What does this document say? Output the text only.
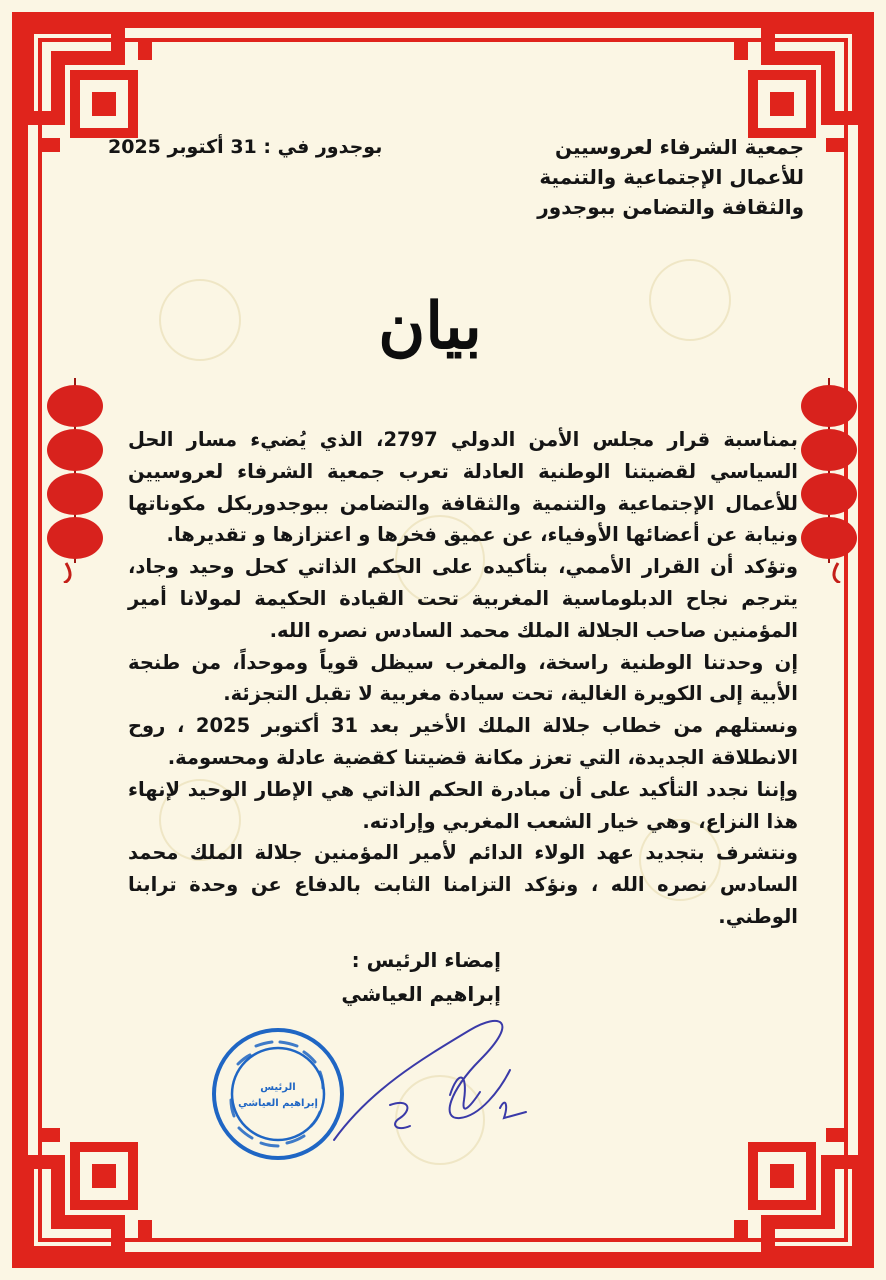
جمعية الشرفاء لعروسيين
للأعمال الإجتماعية والتنمية
والثقافة والتضامن ببوجدور
بوجدور في : 31 أكتوبر 2025
بيان

بمناسبة قرار مجلس الأمن الدولي 2797، الذي يُضيء مسار الحل السياسي لقضيتنا الوطنية العادلة تعرب جمعية الشرفاء لعروسيين للأعمال الإجتماعية والتنمية والثقافة والتضامن ببوجدوربكل مكوناتها ونيابة عن أعضائها الأوفياء، عن عميق فخرها و اعتزازها و تقديرها.

وتؤكد أن القرار الأممي، بتأكيده على الحكم الذاتي كحل وحيد وجاد، يترجم نجاح الدبلوماسية المغربية تحت القيادة الحكيمة لمولانا أمير المؤمنين صاحب الجلالة الملك محمد السادس نصره الله.

إن وحدتنا الوطنية راسخة، والمغرب سيظل قوياً وموحداً، من طنجة الأبية إلى الكويرة الغالية، تحت سيادة مغربية لا تقبل التجزئة.

ونستلهم من خطاب جلالة الملك الأخير بعد 31 أكتوبر 2025 ، روح الانطلاقة الجديدة، التي تعزز مكانة قضيتنا كقضية عادلة ومحسومة.

وإننا نجدد التأكيد على أن مبادرة الحكم الذاتي هي الإطار الوحيد لإنهاء هذا النزاع، وهي خيار الشعب المغربي وإرادته.

ونتشرف بتجديد عهد الولاء الدائم لأمير المؤمنين جلالة الملك محمد السادس نصره الله ، ونؤكد التزامنا الثابت بالدفاع عن وحدة ترابنا الوطني.

إمضاء الرئيس :
إبراهيم العياشي
الرئيس
إبراهيم العياشي
